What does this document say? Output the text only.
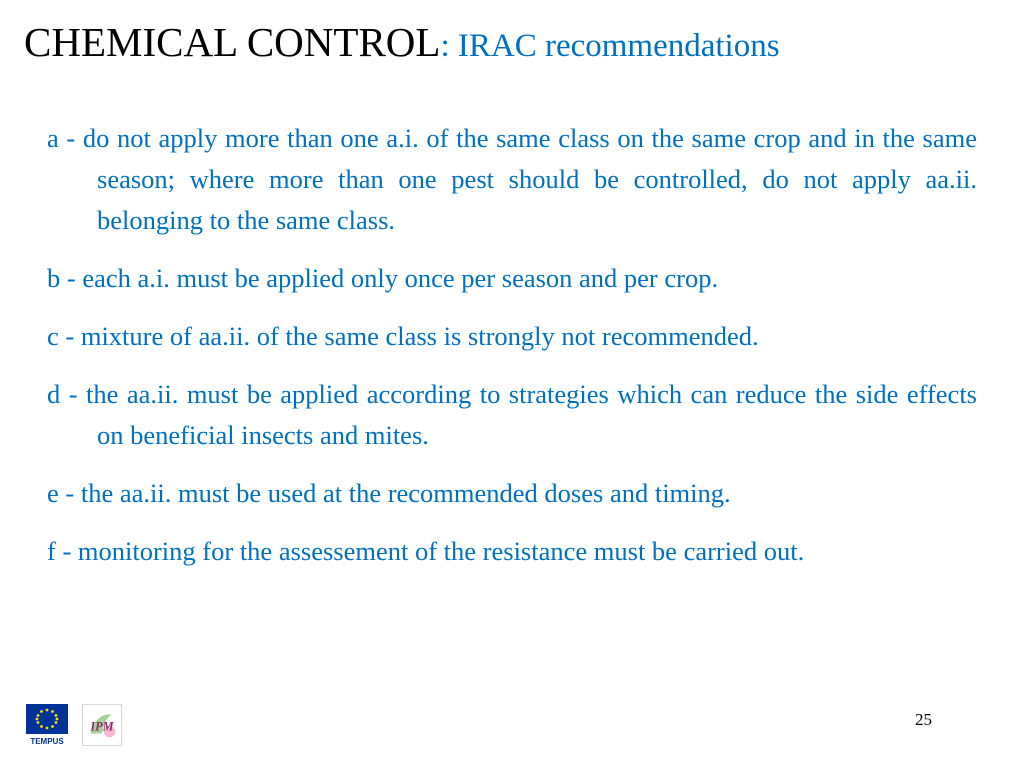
CHEMICAL CONTROL: IRAC recommendations

a - do not apply more than one a.i. of the same class on the same crop and in the same season; where more than one pest should be controlled, do not apply aa.ii. belonging to the same class.

b - each a.i. must be applied only once per season and per crop.

c - mixture of aa.ii. of the same class is strongly not recommended.

d - the aa.ii. must be applied according to strategies which can reduce the side effects on beneficial insects and mites.

e - the aa.ii. must be used at the recommended doses and timing.

f - monitoring for the assessement of the resistance must be carried out.

TEMPUS
IPM	25
